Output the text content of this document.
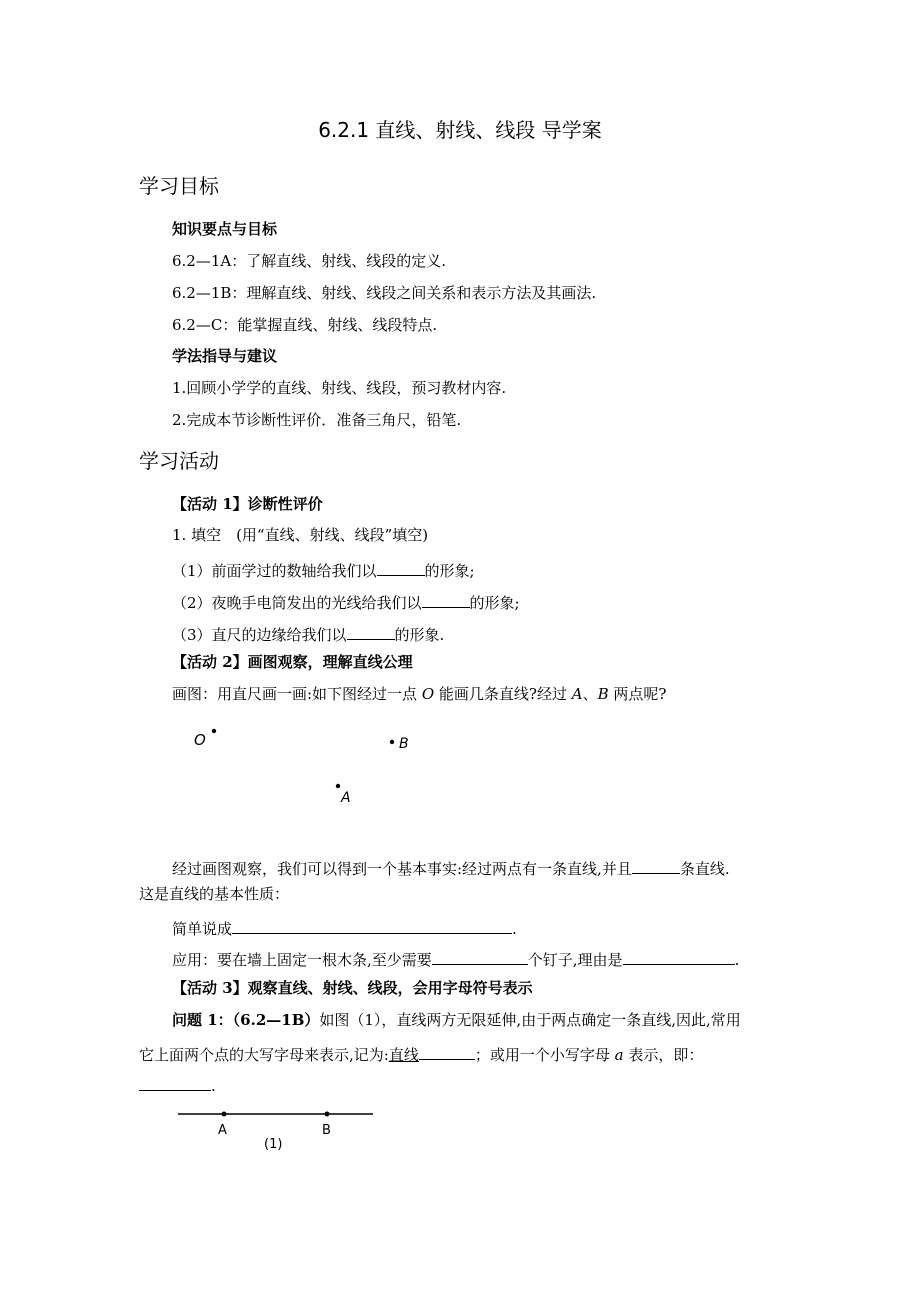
6.2.1 直线、射线、线段 导学案
学习目标
知识要点与目标
6.2—1A：了解直线、射线、线段的定义.
6.2—1B：理解直线、射线、线段之间关系和表示方法及其画法.
6.2—C：能掌握直线、射线、线段特点.
学法指导与建议
1.回顾小学学的直线、射线、线段，预习教材内容.
2.完成本节诊断性评价．准备三角尺，铅笔.
学习活动
【活动 1】诊断性评价
1. 填空　(用“直线、射线、线段”填空)
（1）前面学过的数轴给我们以	的形象;
（2）夜晚手电筒发出的光线给我们以	的形象;
（3）直尺的边缘给我们以	的形象.
【活动 2】画图观察，理解直线公理
画图：用直尺画一画:如下图经过一点 O 能画几条直线?经过 A、B 两点呢?
O	B
A
经过画图观察，我们可以得到一个基本事实:经过两点有一条直线,并且	条直线.
这是直线的基本性质：
简单说成	.
应用：要在墙上固定一根木条,至少需要	个钉子,理由是	.
【活动 3】观察直线、射线、线段，会用字母符号表示
问题 1：（6.2—1B）如图（1），直线两方无限延伸,由于两点确定一条直线,因此,常用
它上面两个点的大写字母来表示,记为:直线	；或用一个小写字母 a 表示，即：
.
A	B
(1)
